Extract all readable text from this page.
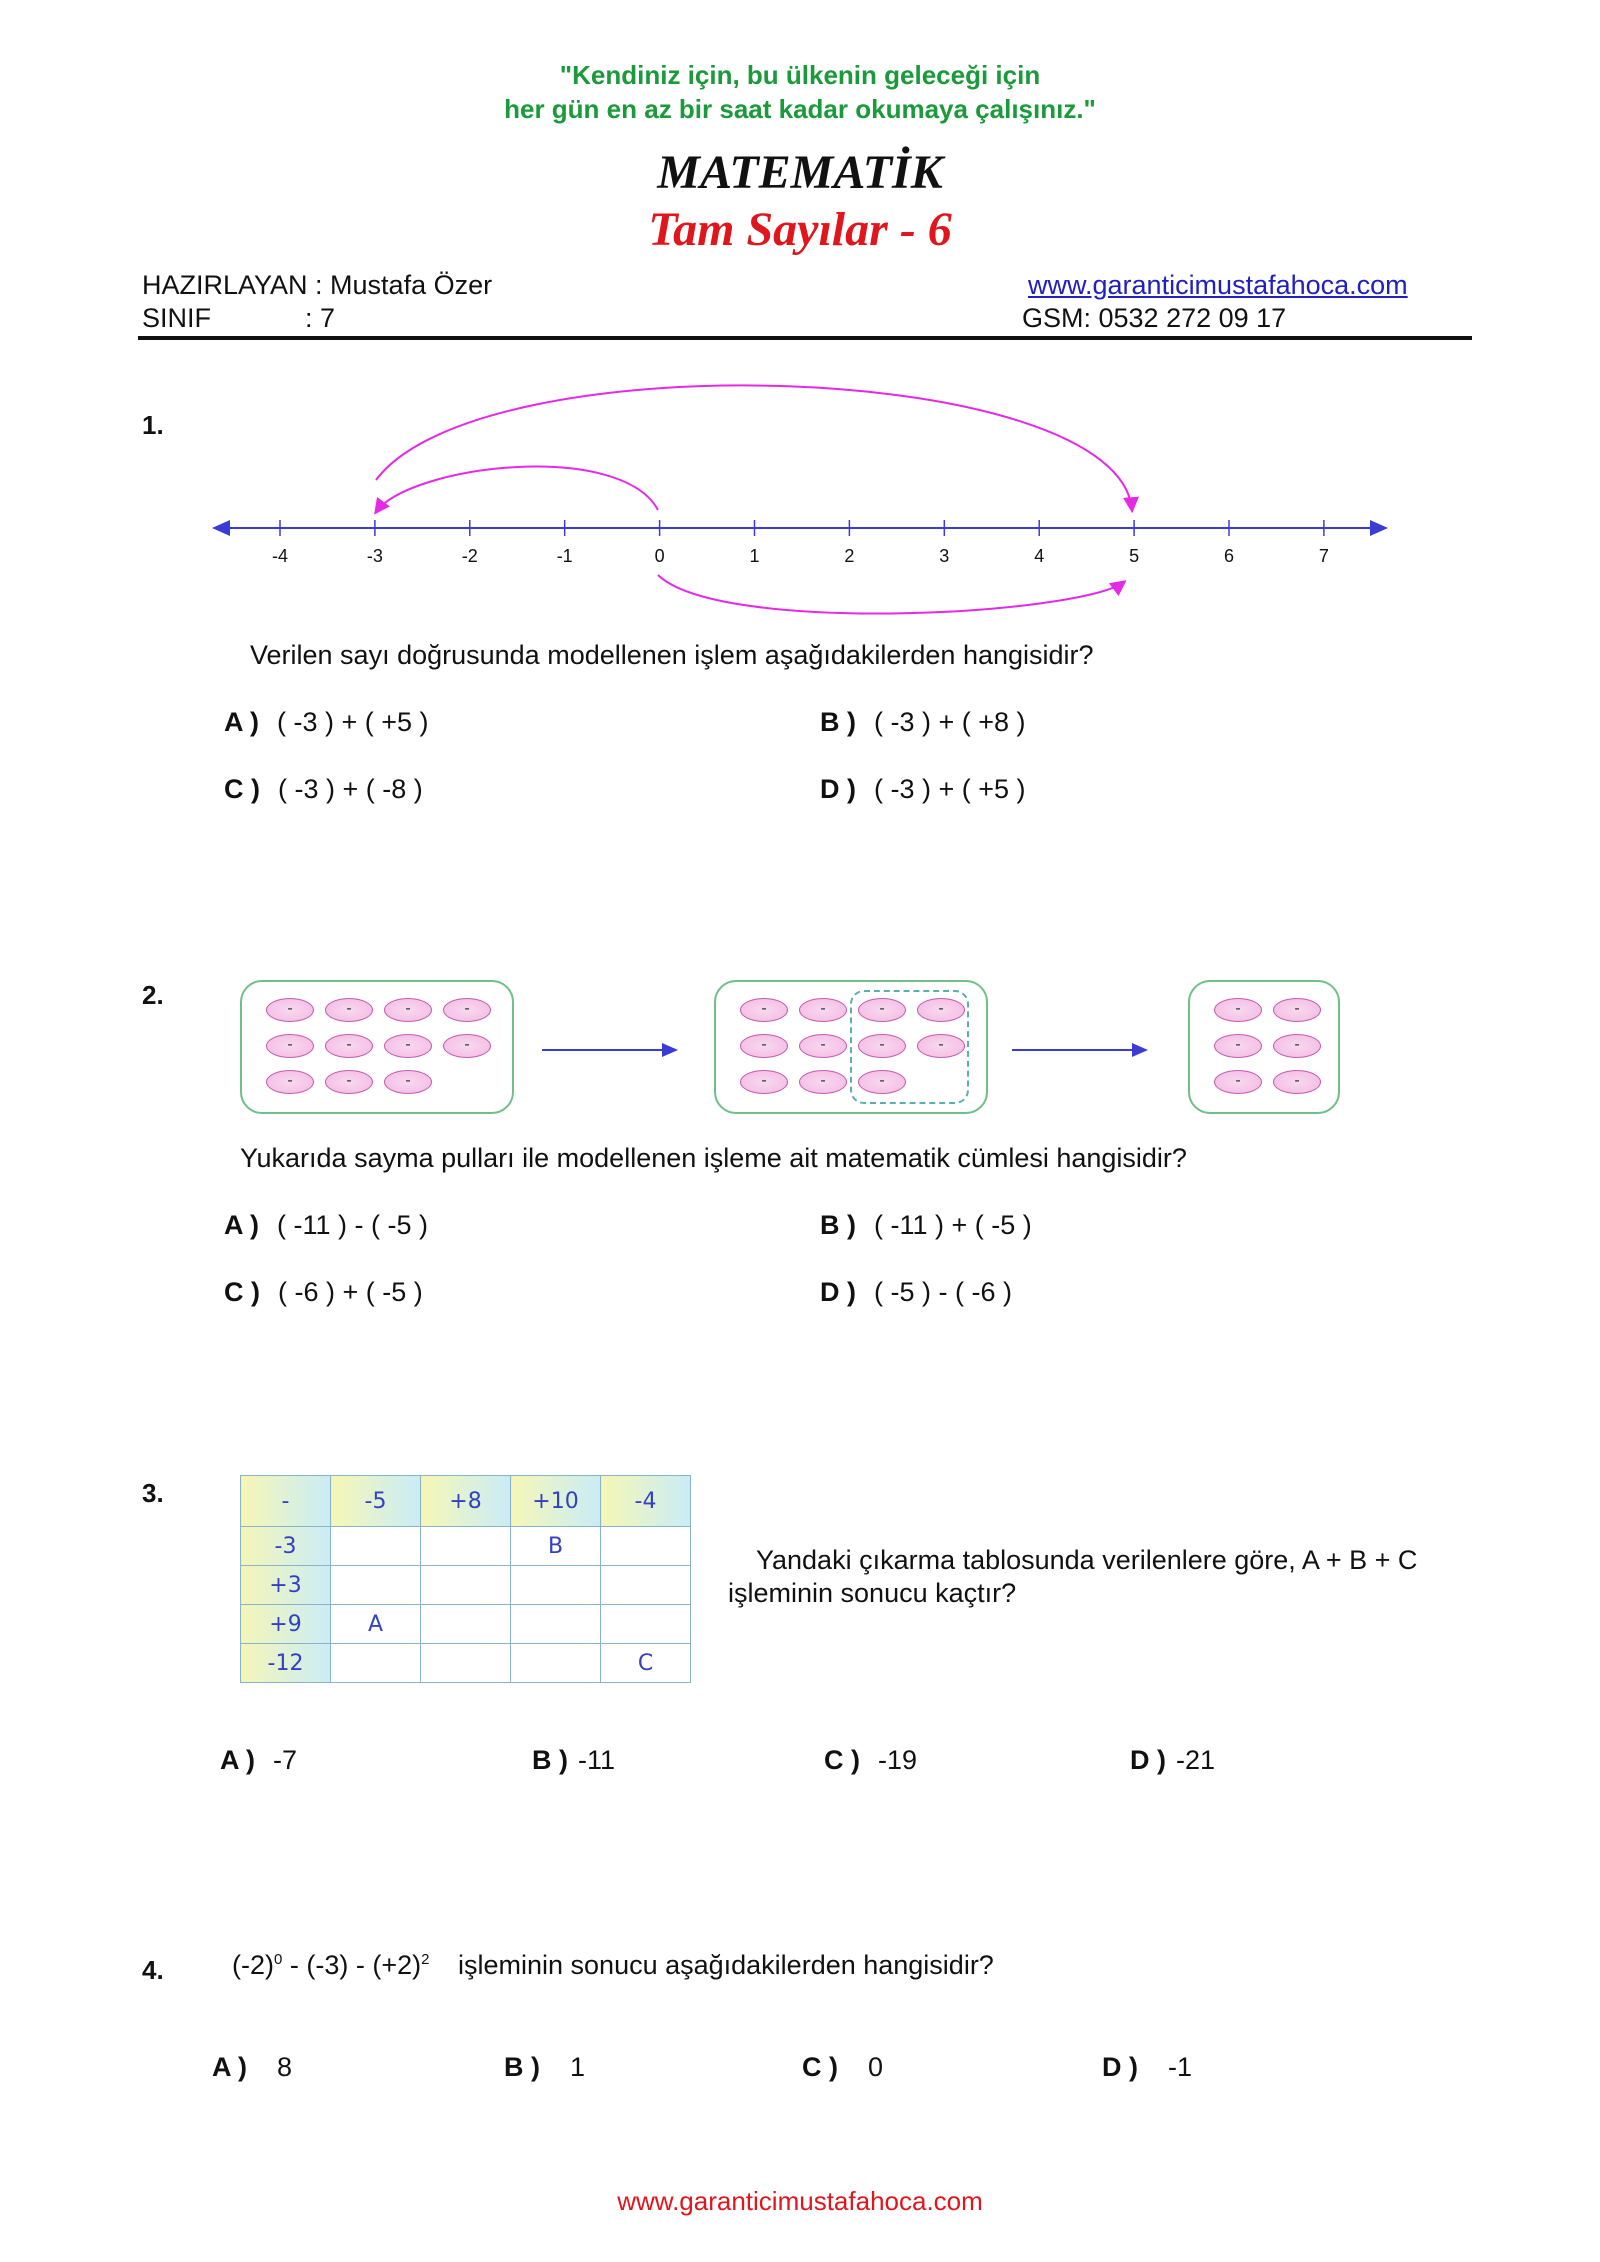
"Kendiniz için, bu ülkenin geleceği için
her gün en az bir saat kadar okumaya çalışınız."
MATEMATİK
Tam Sayılar - 6
HAZIRLAYAN : Mustafa Özer
SINIF	: 7
www.garanticimustafahoca.com
GSM: 0532 272 09 17
1.
-4	-3	-2	-1	0	1	2	3	4	5	6	7
Verilen sayı doğrusunda modellenen işlem aşağıdakilerden hangisidir?
A ) ( -3 ) + ( +5 )	B ) ( -3 ) + ( +8 )
C ) ( -3 ) + ( -8 )	D ) ( -3 ) + ( +5 )
2.	-	-	-	-
-	-	-	-
-	-	-
-	-	-	-
-	-	-	-
-	-	-
-	-
-	-
-	-
Yukarıda sayma pulları ile modellenen işleme ait matematik cümlesi hangisidir?
A ) ( -11 ) - ( -5 )	B ) ( -11 ) + ( -5 )
C ) ( -6 ) + ( -5 )	D ) ( -5 ) - ( -6 )
3.	-	-5	+8	+10	-4
-3			B	
+3				
+9	A			
-12				C
Yandaki çıkarma tablosunda verilenlere göre, A + B + C
işleminin sonucu kaçtır?
A ) -7	B ) -11	C ) -19	D ) -21
4.	$(-2)^0 - (-3) - (+2)^2$ işleminin sonucu aşağıdakilerden hangisidir?
A ) 8	B ) 1	C ) 0	D ) -1
www.garanticimustafahoca.com
